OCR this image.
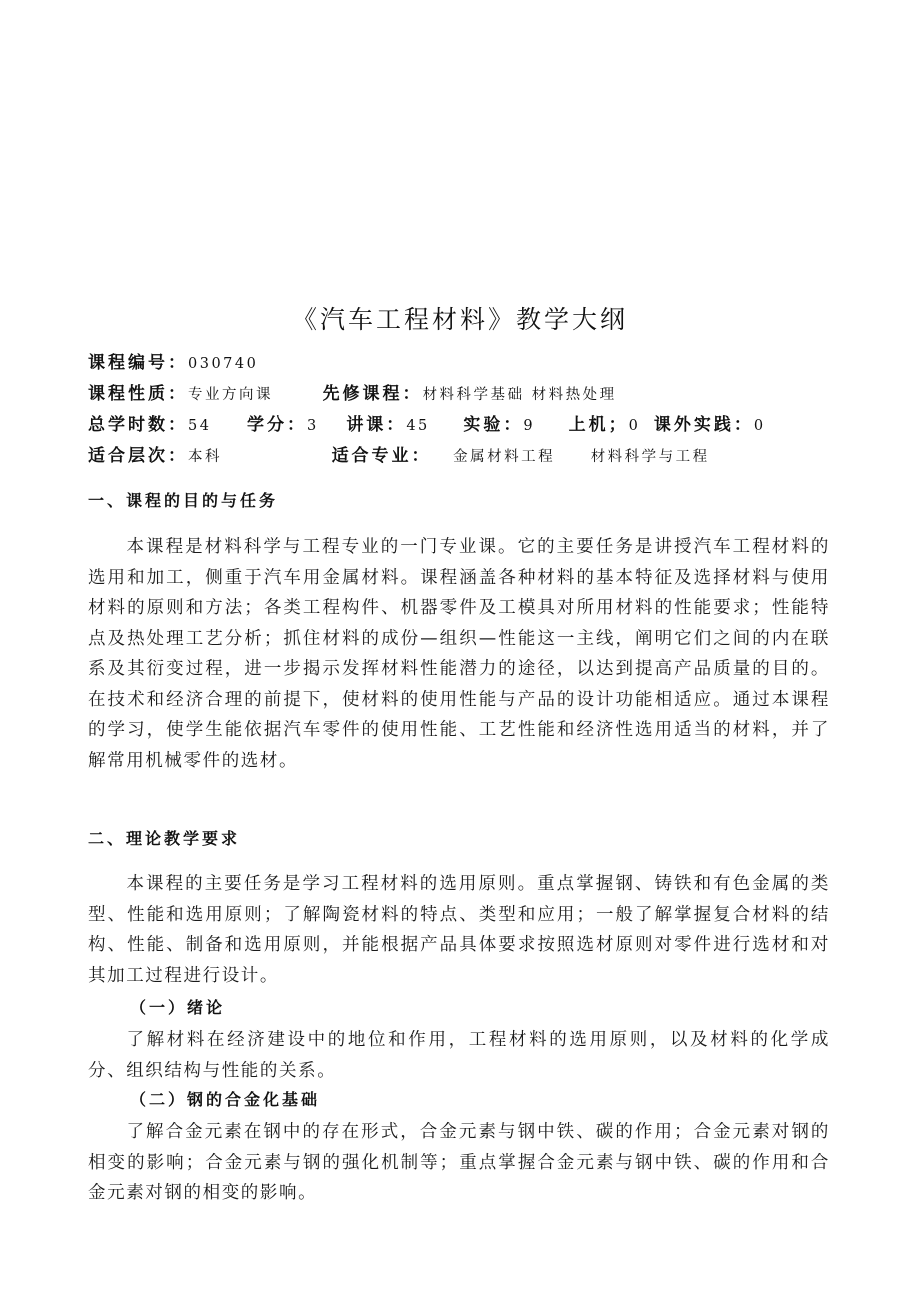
《汽车工程材料》教学大纲
课程编号：030740
课程性质：专业方向课	先修课程：材料科学基础 材料热处理
总学时数：54 学分：3 讲课：45 实验：9 上机；0 课外实践：0
适合层次：本科	适合专业： 金属材料工程 材料科学与工程
一、课程的目的与任务

本课程是材料科学与工程专业的一门专业课。它的主要任务是讲授汽车工程材料的选用和加工，侧重于汽车用金属材料。课程涵盖各种材料的基本特征及选择材料与使用材料的原则和方法；各类工程构件、机器零件及工模具对所用材料的性能要求；性能特点及热处理工艺分析；抓住材料的成份—组织—性能这一主线，阐明它们之间的内在联系及其衍变过程，进一步揭示发挥材料性能潜力的途径，以达到提高产品质量的目的。在技术和经济合理的前提下，使材料的使用性能与产品的设计功能相适应。通过本课程的学习，使学生能依据汽车零件的使用性能、工艺性能和经济性选用适当的材料，并了解常用机械零件的选材。

二、理论教学要求

本课程的主要任务是学习工程材料的选用原则。重点掌握钢、铸铁和有色金属的类型、性能和选用原则；了解陶瓷材料的特点、类型和应用；一般了解掌握复合材料的结构、性能、制备和选用原则，并能根据产品具体要求按照选材原则对零件进行选材和对其加工过程进行设计。

（一）绪论

了解材料在经济建设中的地位和作用，工程材料的选用原则，以及材料的化学成分、组织结构与性能的关系。

（二）钢的合金化基础

了解合金元素在钢中的存在形式，合金元素与钢中铁、碳的作用；合金元素对钢的相变的影响；合金元素与钢的强化机制等；重点掌握合金元素与钢中铁、碳的作用和合金元素对钢的相变的影响。
